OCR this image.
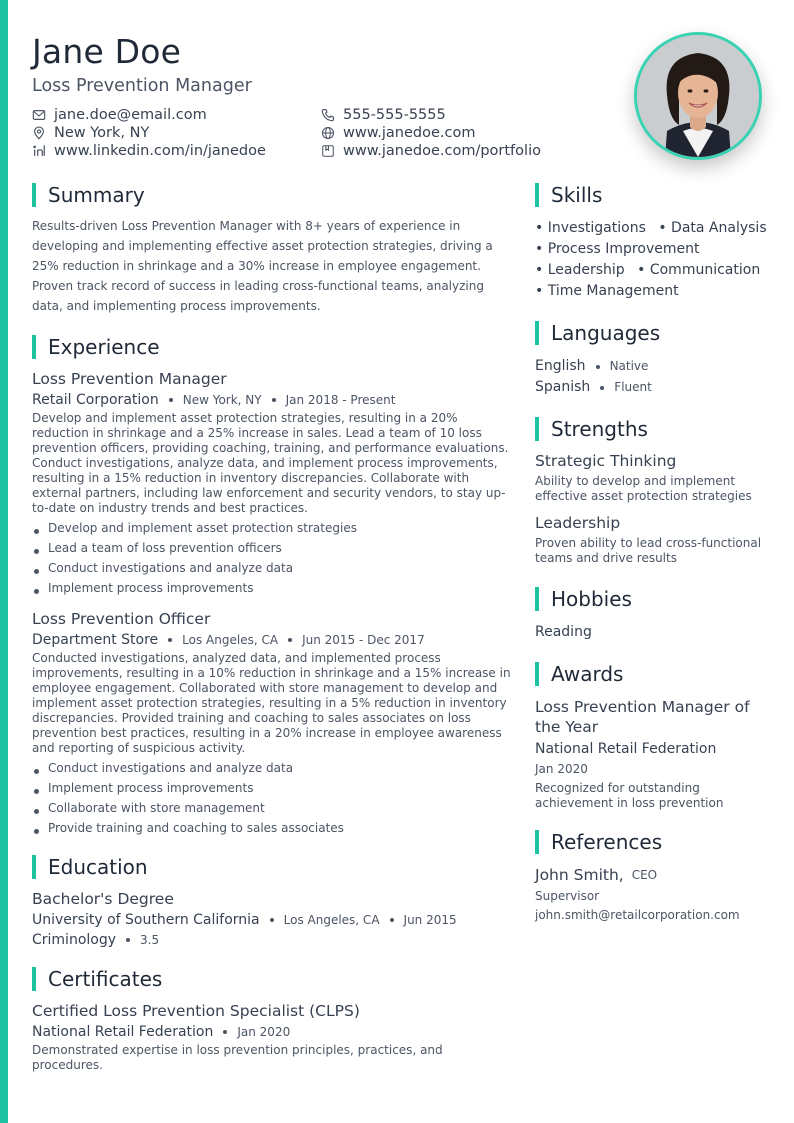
Jane Doe
Loss Prevention Manager
jane.doe@email.com	555-555-5555
New York, NY	www.janedoe.com
www.linkedin.com/in/janedoe	www.janedoe.com/portfolio
Summary
Results-driven Loss Prevention Manager with 8+ years of experience in developing and implementing effective asset protection strategies, driving a 25% reduction in shrinkage and a 30% increase in employee engagement. Proven track record of success in leading cross-functional teams, analyzing data, and implementing process improvements.
Experience
Loss Prevention Manager
Retail Corporation New York, NY Jan 2018 - Present
Develop and implement asset protection strategies, resulting in a 20% reduction in shrinkage and a 25% increase in sales. Lead a team of 10 loss prevention officers, providing coaching, training, and performance evaluations. Conduct investigations, analyze data, and implement process improvements, resulting in a 15% reduction in inventory discrepancies. Collaborate with external partners, including law enforcement and security vendors, to stay up-to-date on industry trends and best practices.
Develop and implement asset protection strategies
Lead a team of loss prevention officers
Conduct investigations and analyze data
Implement process improvements
Loss Prevention Officer
Department Store Los Angeles, CA Jun 2015 - Dec 2017
Conducted investigations, analyzed data, and implemented process improvements, resulting in a 10% reduction in shrinkage and a 15% increase in employee engagement. Collaborated with store management to develop and implement asset protection strategies, resulting in a 5% reduction in inventory discrepancies. Provided training and coaching to sales associates on loss prevention best practices, resulting in a 20% increase in employee awareness and reporting of suspicious activity.
Conduct investigations and analyze data
Implement process improvements
Collaborate with store management
Provide training and coaching to sales associates
Education
Bachelor's Degree
University of Southern California Los Angeles, CA Jun 2015
Criminology 3.5
Certificates
Certified Loss Prevention Specialist (CLPS)
National Retail Federation Jan 2020
Demonstrated expertise in loss prevention principles, practices, and procedures.
Skills
• Investigations • Data Analysis
• Process Improvement
• Leadership • Communication
• Time Management
Languages
English Native
Spanish Fluent
Strengths
Strategic Thinking
Ability to develop and implement effective asset protection strategies
Leadership
Proven ability to lead cross-functional teams and drive results
Hobbies
Reading
Awards
Loss Prevention Manager of the Year
National Retail Federation
Jan 2020
Recognized for outstanding achievement in loss prevention
References
John Smith, CEO
Supervisor
john.smith@retailcorporation.com
